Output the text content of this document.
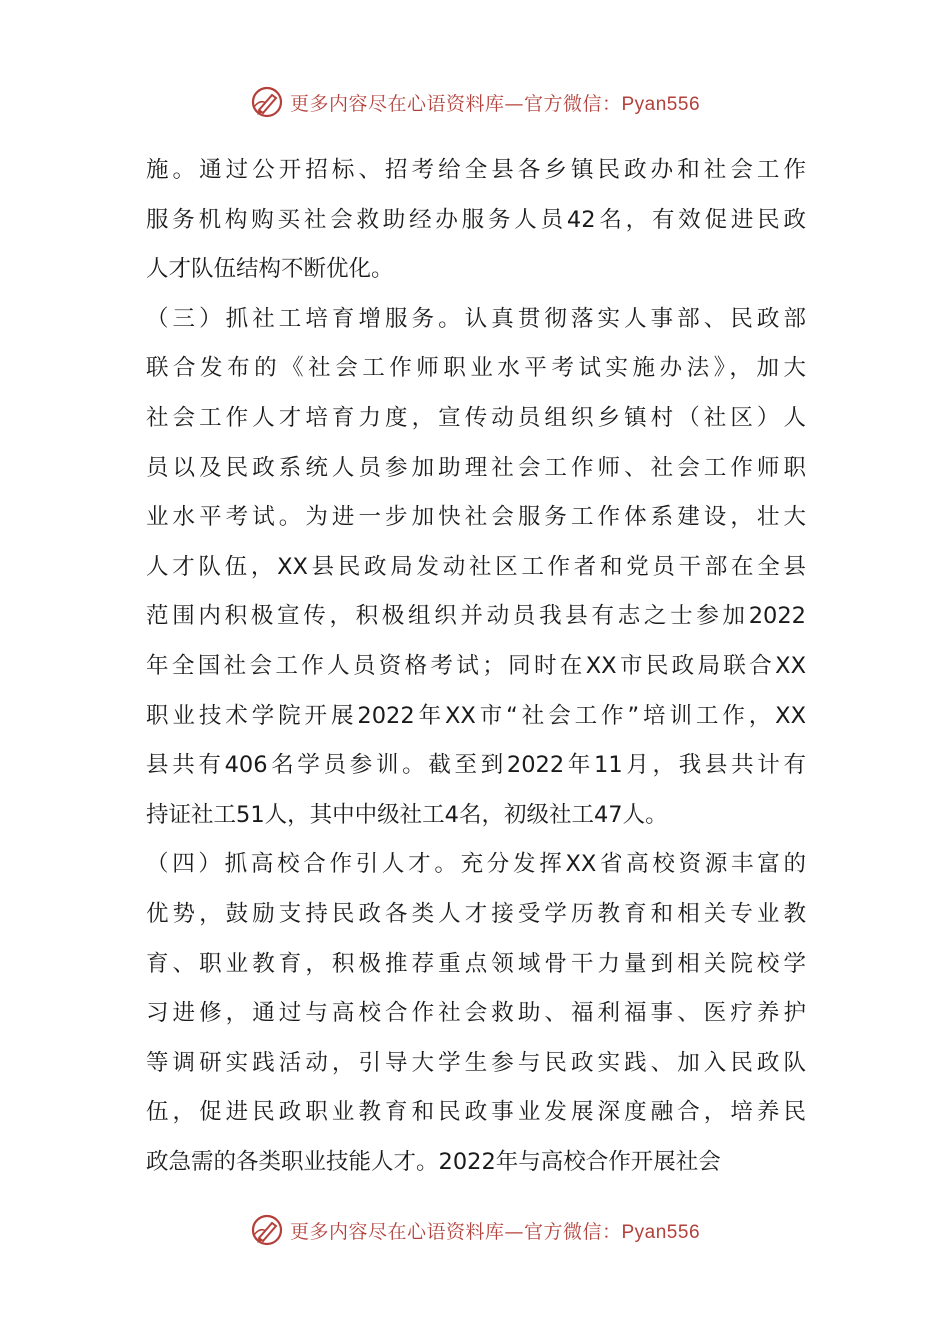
更多内容尽在心语资料库—官方微信：Pyan556
施。通过公开招标、招考给全县各乡镇民政办和社会工作
服务机构购买社会救助经办服务人员42名，有效促进民政
人才队伍结构不断优化。
（三）抓社工培育增服务。认真贯彻落实人事部、民政部
联合发布的《社会工作师职业水平考试实施办法》，加大
社会工作人才培育力度，宣传动员组织乡镇村（社区）人
员以及民政系统人员参加助理社会工作师、社会工作师职
业水平考试。为进一步加快社会服务工作体系建设，壮大
人才队伍，XX县民政局发动社区工作者和党员干部在全县
范围内积极宣传，积极组织并动员我县有志之士参加2022
年全国社会工作人员资格考试；同时在XX市民政局联合XX
职业技术学院开展2022年XX市“社会工作”培训工作，XX
县共有406名学员参训。截至到2022年11月，我县共计有
持证社工51人，其中中级社工4名，初级社工47人。
（四）抓高校合作引人才。充分发挥XX省高校资源丰富的
优势，鼓励支持民政各类人才接受学历教育和相关专业教
育、职业教育，积极推荐重点领域骨干力量到相关院校学
习进修，通过与高校合作社会救助、福利福事、医疗养护
等调研实践活动，引导大学生参与民政实践、加入民政队
伍，促进民政职业教育和民政事业发展深度融合，培养民
政急需的各类职业技能人才。2022年与高校合作开展社会
更多内容尽在心语资料库—官方微信：Pyan556
